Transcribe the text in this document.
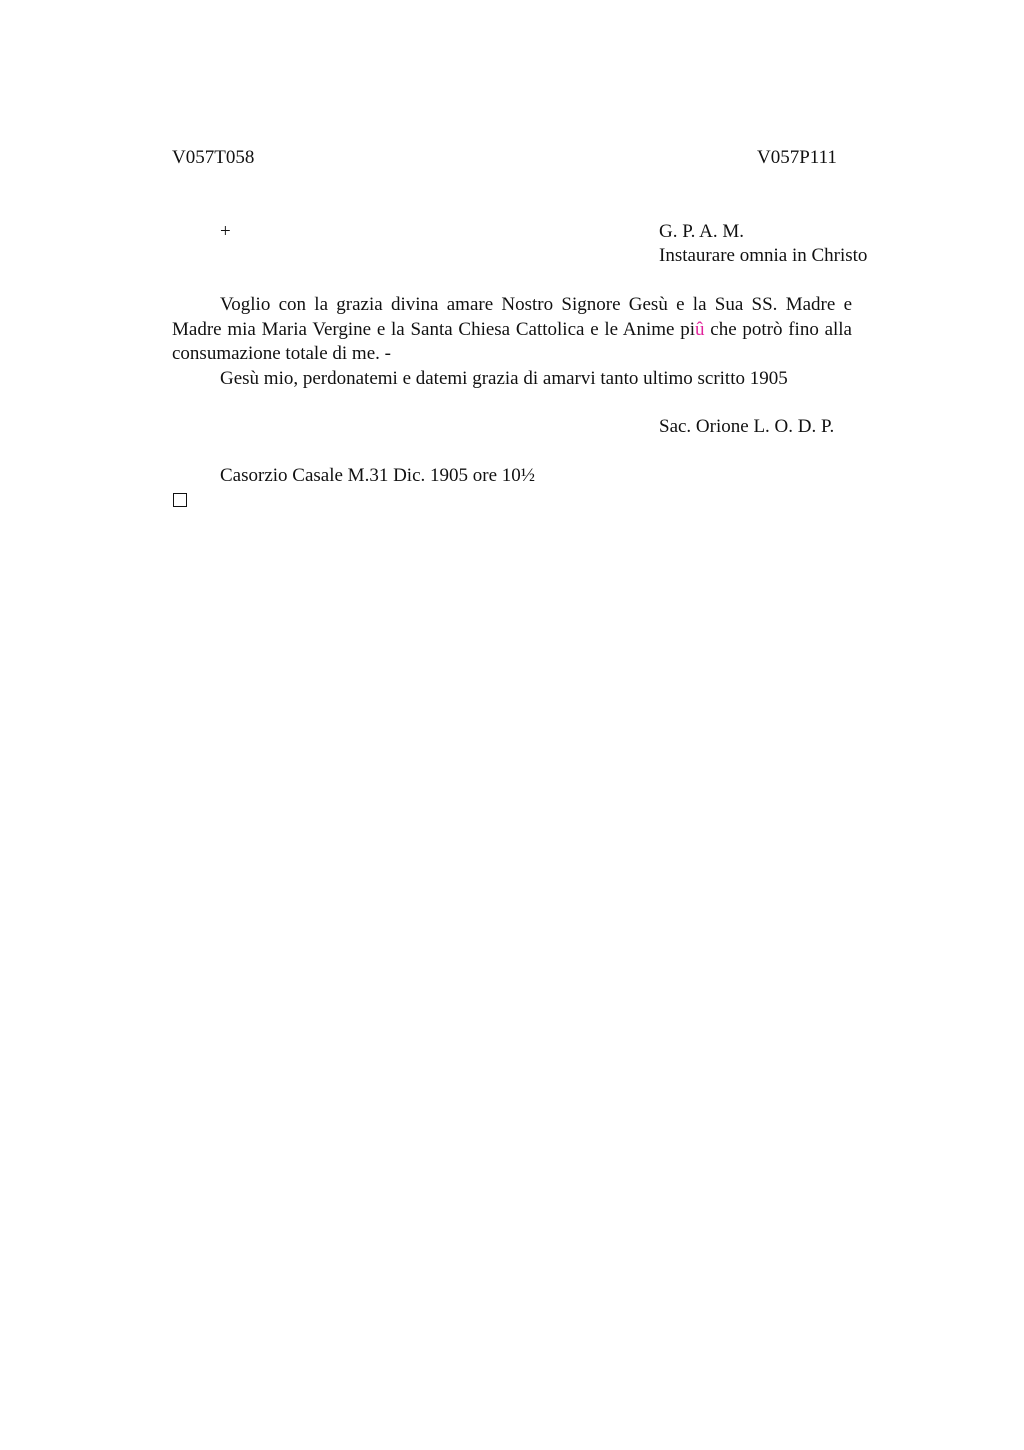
V057T058	V057P111
+	G. P. A. M.
Instaurare omnia in Christo

Voglio con la grazia divina amare Nostro Signore Gesù e la Sua SS. Madre e Madre mia Maria Vergine e la Santa Chiesa Cattolica e le Anime piû che potrò fino alla consumazione totale di me. -

Gesù mio, perdonatemi e datemi grazia di amarvi tanto ultimo scritto 1905

Sac. Orione L. O. D. P.
Casorzio Casale M.31 Dic. 1905 ore 10½
